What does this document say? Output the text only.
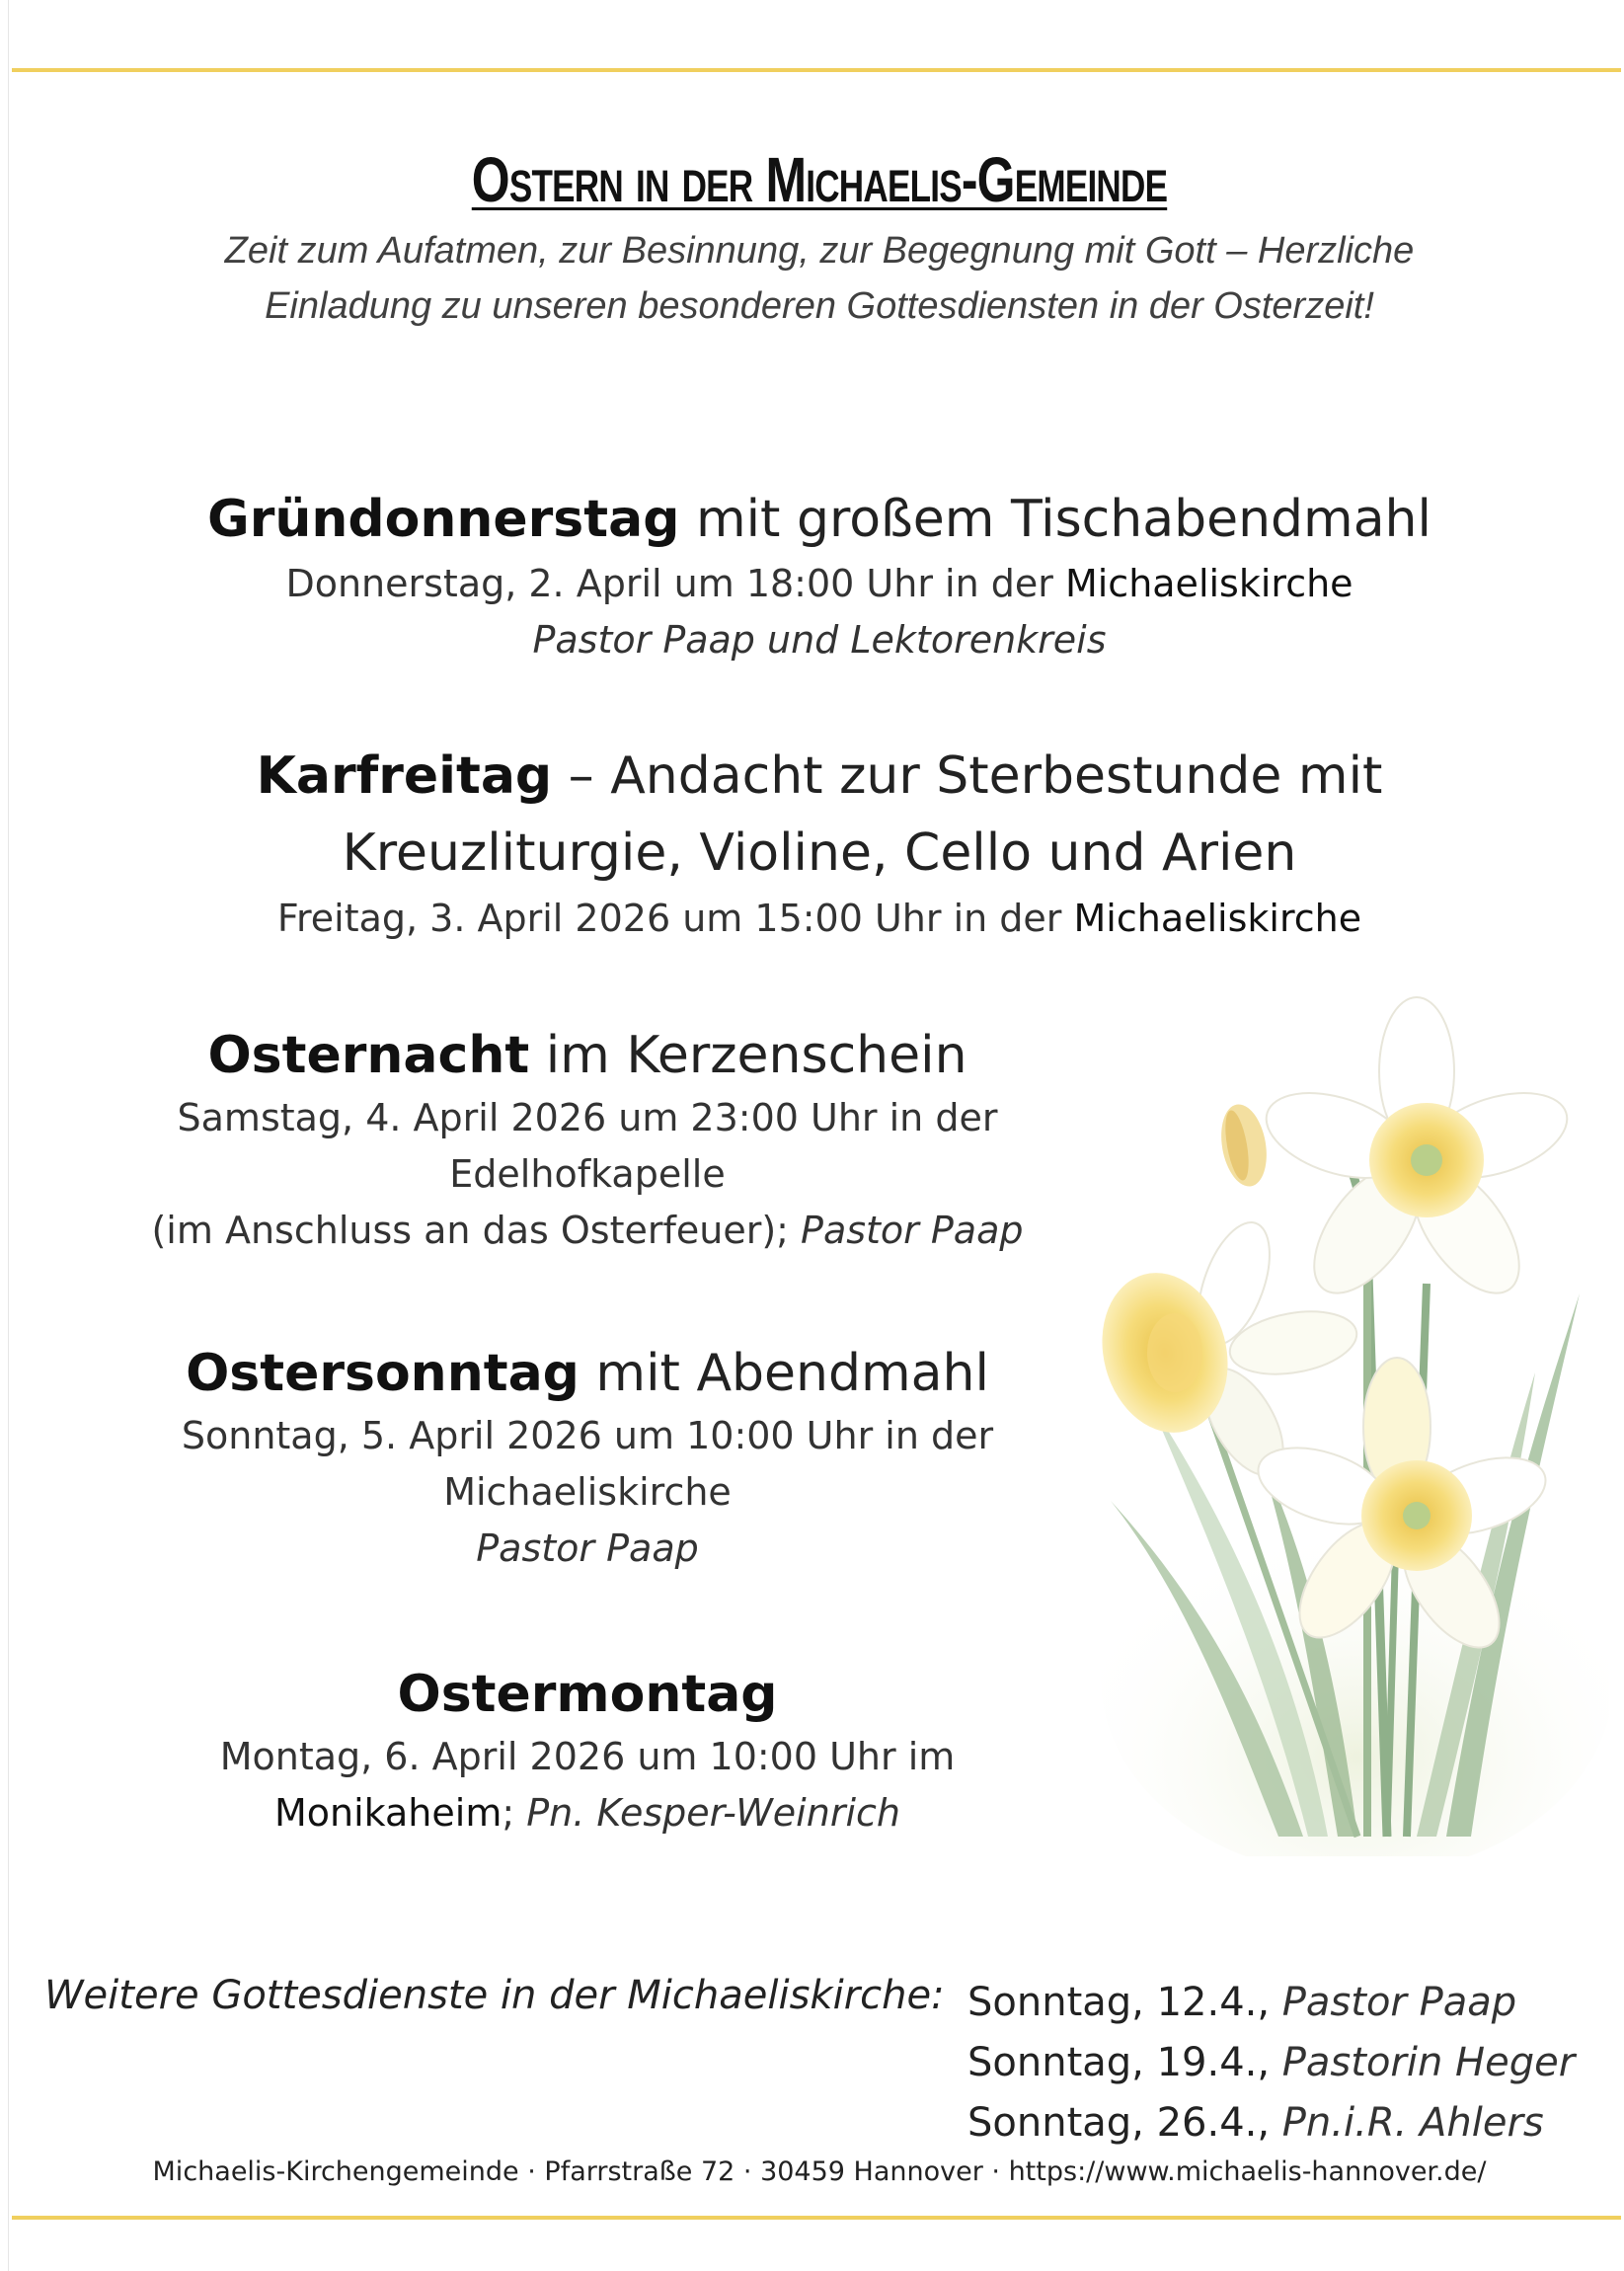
Ostern in der Michaelis-Gemeinde
Zeit zum Aufatmen, zur Besinnung, zur Begegnung mit Gott – Herzliche
Einladung zu unseren besonderen Gottesdiensten in der Osterzeit!
Gründonnerstag mit großem Tischabendmahl
Donnerstag, 2. April um 18:00 Uhr in der Michaeliskirche
Pastor Paap und Lektorenkreis
Karfreitag – Andacht zur Sterbestunde mit
Kreuzliturgie, Violine, Cello und Arien
Freitag, 3. April 2026 um 15:00 Uhr in der Michaeliskirche
Osternacht im Kerzenschein
Samstag, 4. April 2026 um 23:00 Uhr in der
Edelhofkapelle
(im Anschluss an das Osterfeuer); Pastor Paap
Ostersonntag mit Abendmahl
Sonntag, 5. April 2026 um 10:00 Uhr in der
Michaeliskirche
Pastor Paap
Ostermontag
Montag, 6. April 2026 um 10:00 Uhr im
Monikaheim; Pn. Kesper-Weinrich
Weitere Gottesdienste in der Michaeliskirche: Sonntag, 12.4., Pastor Paap
Sonntag, 19.4., Pastorin Heger
Sonntag, 26.4., Pn.i.R. Ahlers
Michaelis-Kirchengemeinde · Pfarrstraße 72 · 30459 Hannover · https://www.michaelis-hannover.de/
